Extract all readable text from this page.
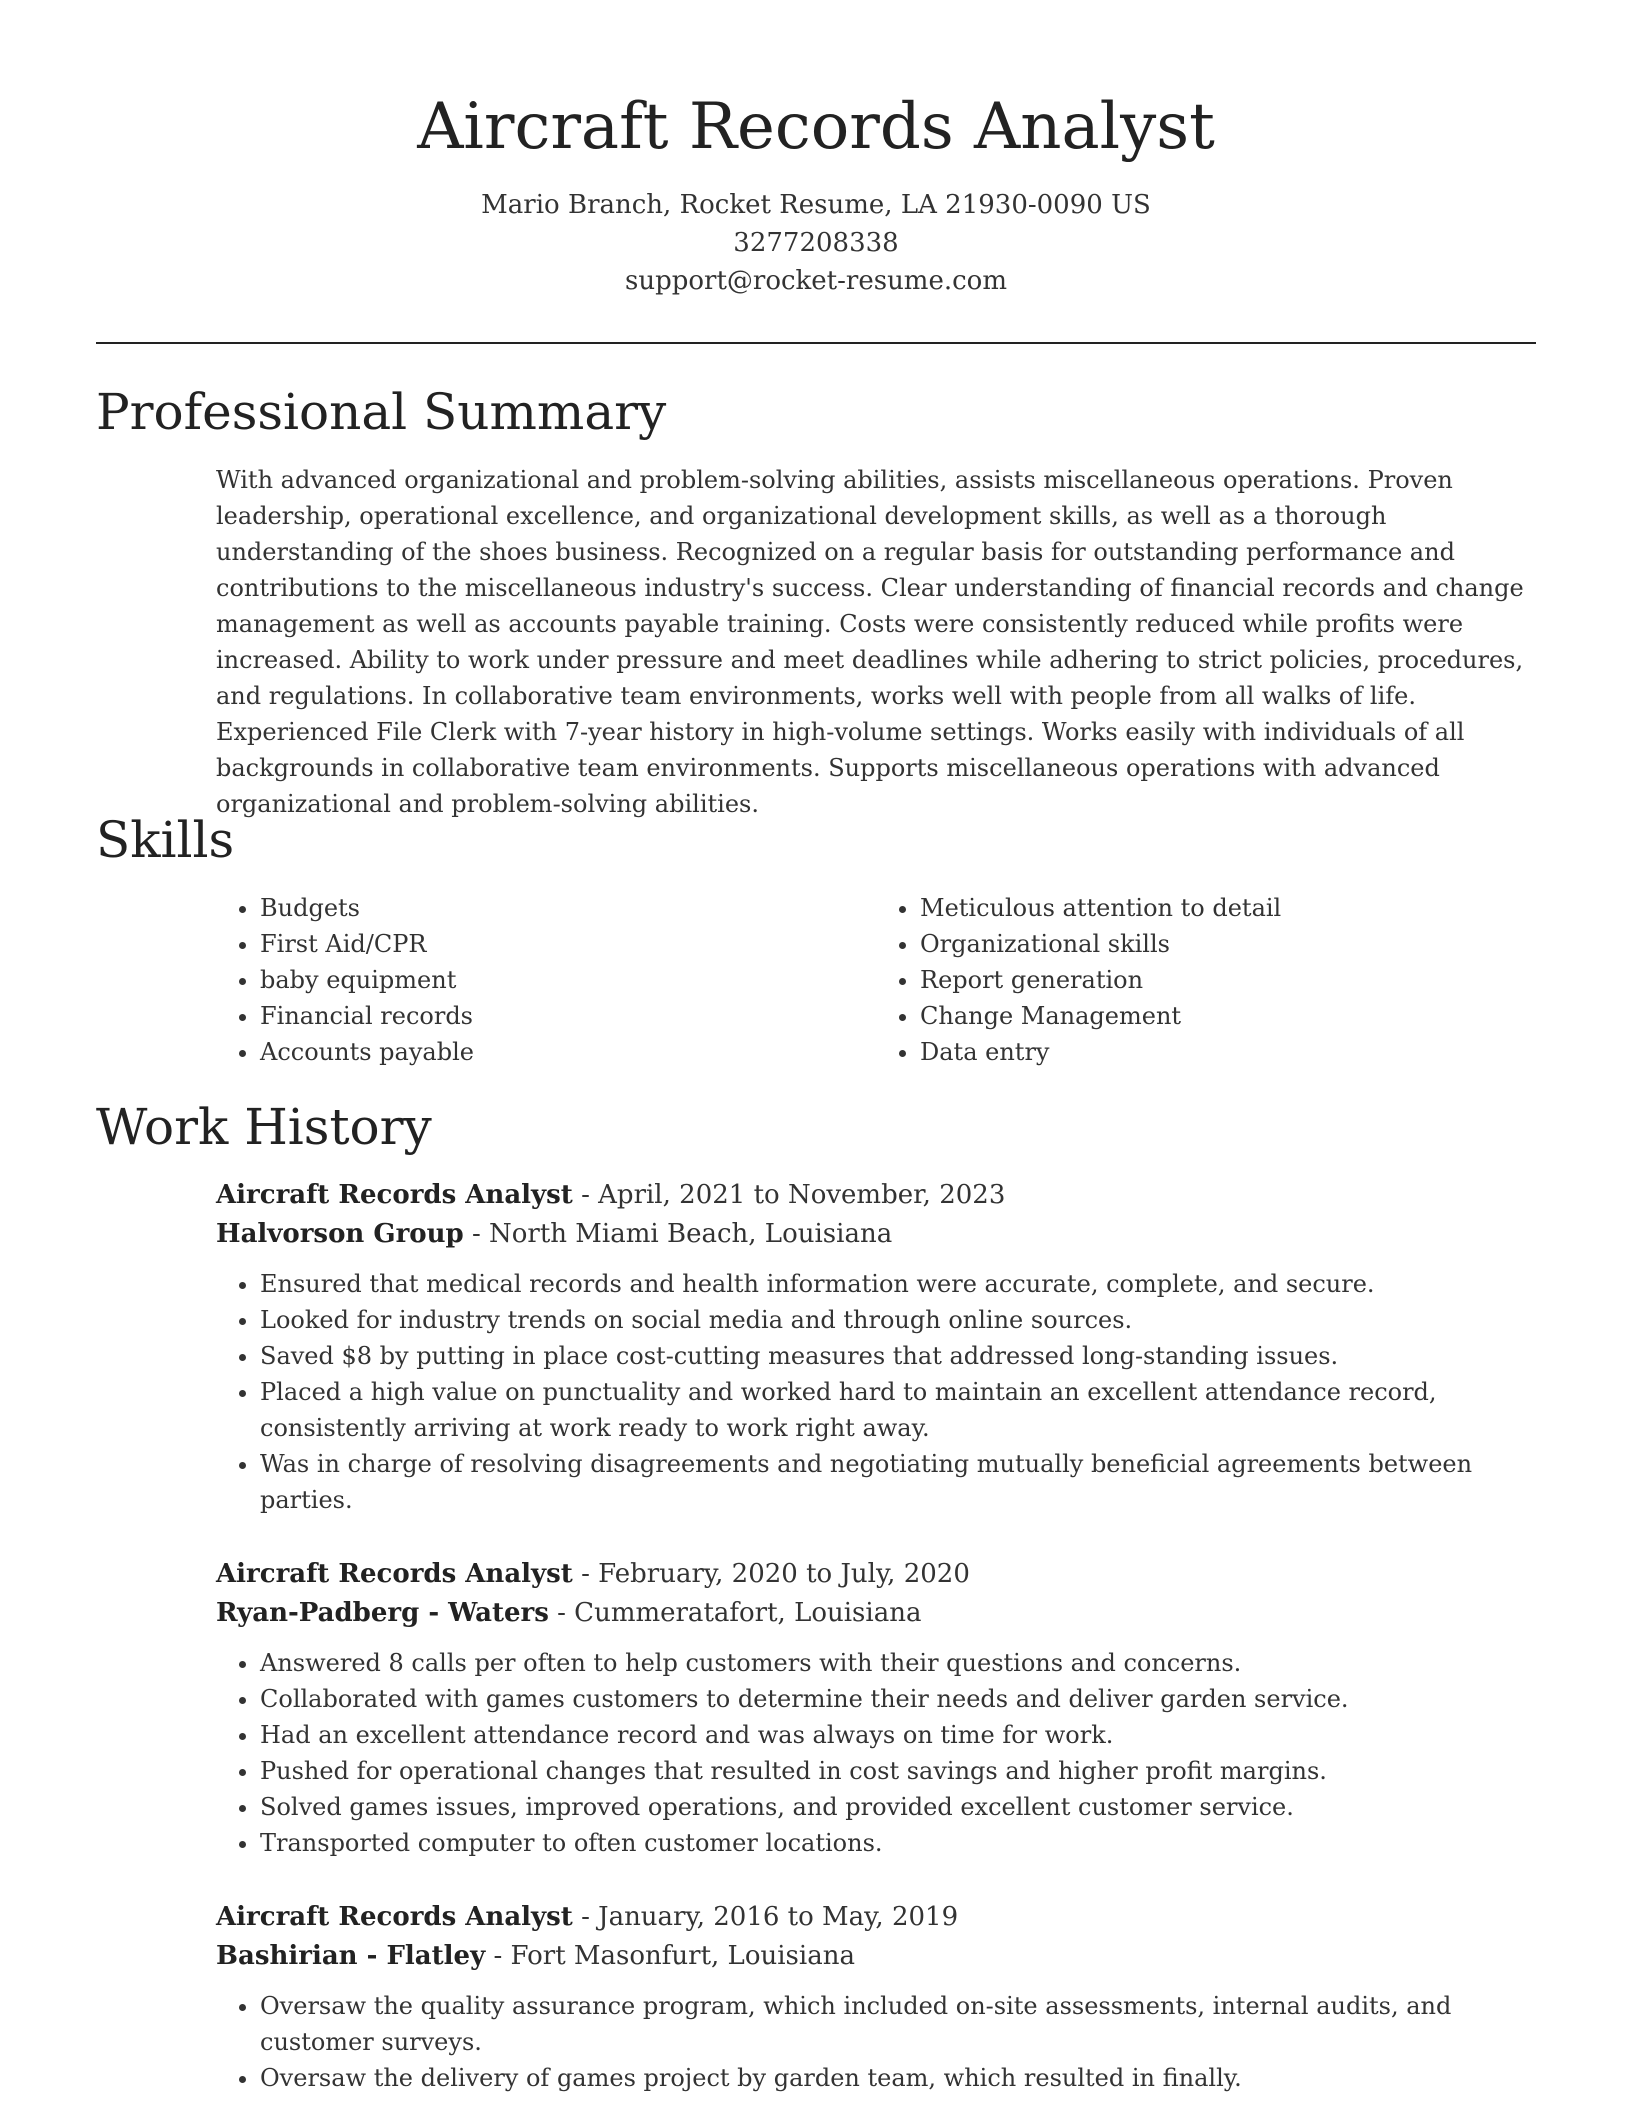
Aircraft Records Analyst
Mario Branch, Rocket Resume, LA 21930-0090 US
3277208338
support@rocket-resume.com
Professional Summary

With advanced organizational and problem-solving abilities, assists miscellaneous operations. Proven leadership, operational excellence, and organizational development skills, as well as a thorough understanding of the shoes business. Recognized on a regular basis for outstanding performance and contributions to the miscellaneous industry's success. Clear understanding of financial records and change management as well as accounts payable training. Costs were consistently reduced while profits were increased. Ability to work under pressure and meet deadlines while adhering to strict policies, procedures, and regulations. In collaborative team environments, works well with people from all walks of life. Experienced File Clerk with 7-year history in high-volume settings. Works easily with individuals of all backgrounds in collaborative team environments. Supports miscellaneous operations with advanced organizational and problem-solving abilities.

Skills
• Budgets
• First Aid/CPR
• baby equipment
• Financial records
• Accounts payable
• Meticulous attention to detail
• Organizational skills
• Report generation
• Change Management
• Data entry
Work History
Aircraft Records Analyst - April, 2021 to November, 2023
Halvorson Group - North Miami Beach, Louisiana
• Ensured that medical records and health information were accurate, complete, and secure.
• Looked for industry trends on social media and through online sources.
• Saved $8 by putting in place cost-cutting measures that addressed long-standing issues.
• Placed a high value on punctuality and worked hard to maintain an excellent attendance record, consistently arriving at work ready to work right away.
• Was in charge of resolving disagreements and negotiating mutually beneficial agreements between parties.
Aircraft Records Analyst - February, 2020 to July, 2020
Ryan-Padberg - Waters - Cummeratafort, Louisiana
• Answered 8 calls per often to help customers with their questions and concerns.
• Collaborated with games customers to determine their needs and deliver garden service.
• Had an excellent attendance record and was always on time for work.
• Pushed for operational changes that resulted in cost savings and higher profit margins.
• Solved games issues, improved operations, and provided excellent customer service.
• Transported computer to often customer locations.
Aircraft Records Analyst - January, 2016 to May, 2019
Bashirian - Flatley - Fort Masonfurt, Louisiana
• Oversaw the quality assurance program, which included on-site assessments, internal audits, and customer surveys.
• Oversaw the delivery of games project by garden team, which resulted in finally.
